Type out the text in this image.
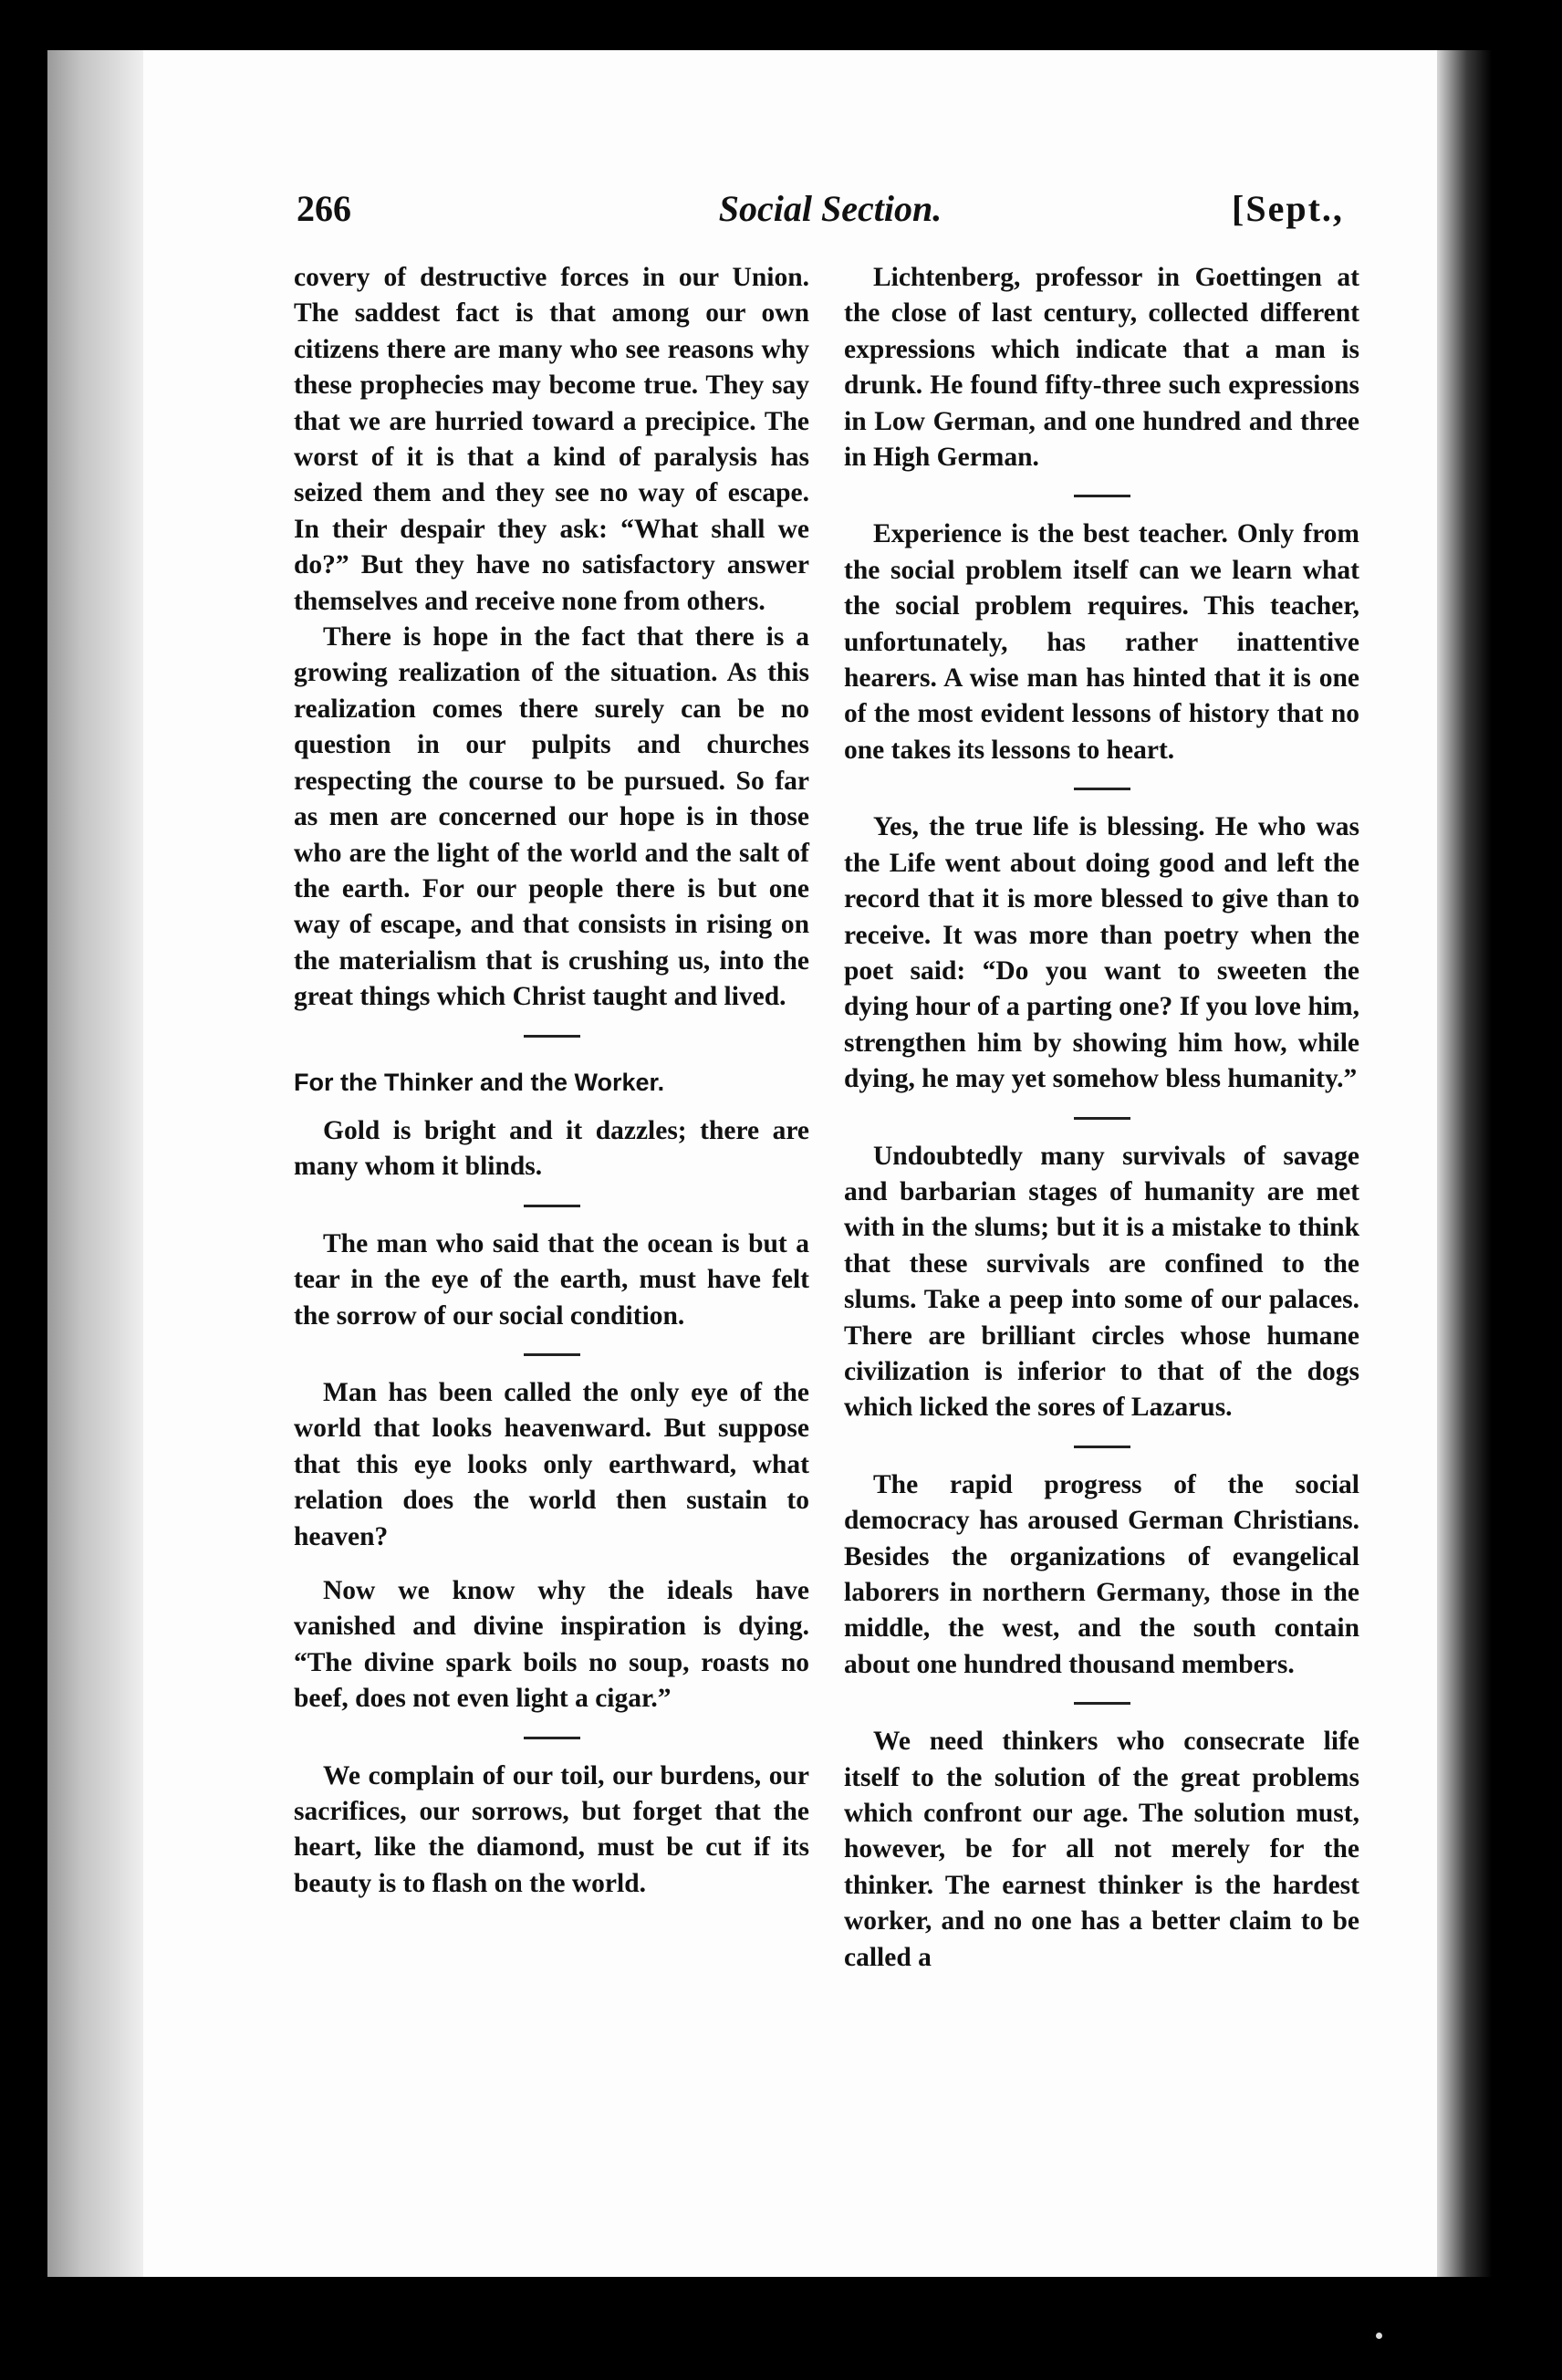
266	Social Section.	[Sept.,

covery of destructive forces in our Union. The saddest fact is that among our own citizens there are many who see reasons why these prophecies may become true. They say that we are hurried toward a precipice. The worst of it is that a kind of paralysis has seized them and they see no way of escape. In their despair they ask: “What shall we do?” But they have no satisfactory answer themselves and receive none from others.

There is hope in the fact that there is a growing realization of the situation. As this realization comes there surely can be no question in our pulpits and churches respecting the course to be pursued. So far as men are concerned our hope is in those who are the light of the world and the salt of the earth. For our people there is but one way of escape, and that consists in rising on the materialism that is crushing us, into the great things which Christ taught and lived.

For the Thinker and the Worker.

Gold is bright and it dazzles; there are many whom it blinds.

The man who said that the ocean is but a tear in the eye of the earth, must have felt the sorrow of our social condition.

Man has been called the only eye of the world that looks heavenward. But suppose that this eye looks only earthward, what relation does the world then sustain to heaven?

Now we know why the ideals have vanished and divine inspiration is dying. “The divine spark boils no soup, roasts no beef, does not even light a cigar.”

We complain of our toil, our burdens, our sacrifices, our sorrows, but forget that the heart, like the diamond, must be cut if its beauty is to flash on the world.

Lichtenberg, professor in Goettingen at the close of last century, collected different expressions which indicate that a man is drunk. He found fifty-three such expressions in Low German, and one hundred and three in High German.

Experience is the best teacher. Only from the social problem itself can we learn what the social problem requires. This teacher, unfortunately, has rather inattentive hearers. A wise man has hinted that it is one of the most evident lessons of history that no one takes its lessons to heart.

Yes, the true life is blessing. He who was the Life went about doing good and left the record that it is more blessed to give than to receive. It was more than poetry when the poet said: “Do you want to sweeten the dying hour of a parting one? If you love him, strengthen him by showing him how, while dying, he may yet somehow bless humanity.”

Undoubtedly many survivals of savage and barbarian stages of humanity are met with in the slums; but it is a mistake to think that these survivals are confined to the slums. Take a peep into some of our palaces. There are brilliant circles whose humane civilization is inferior to that of the dogs which licked the sores of Lazarus.

The rapid progress of the social democracy has aroused German Christians. Besides the organizations of evangelical laborers in northern Germany, those in the middle, the west, and the south contain about one hundred thousand members.

We need thinkers who consecrate life itself to the solution of the great problems which confront our age. The solution must, however, be for all not merely for the thinker. The earnest thinker is the hardest worker, and no one has a better claim to be called a
